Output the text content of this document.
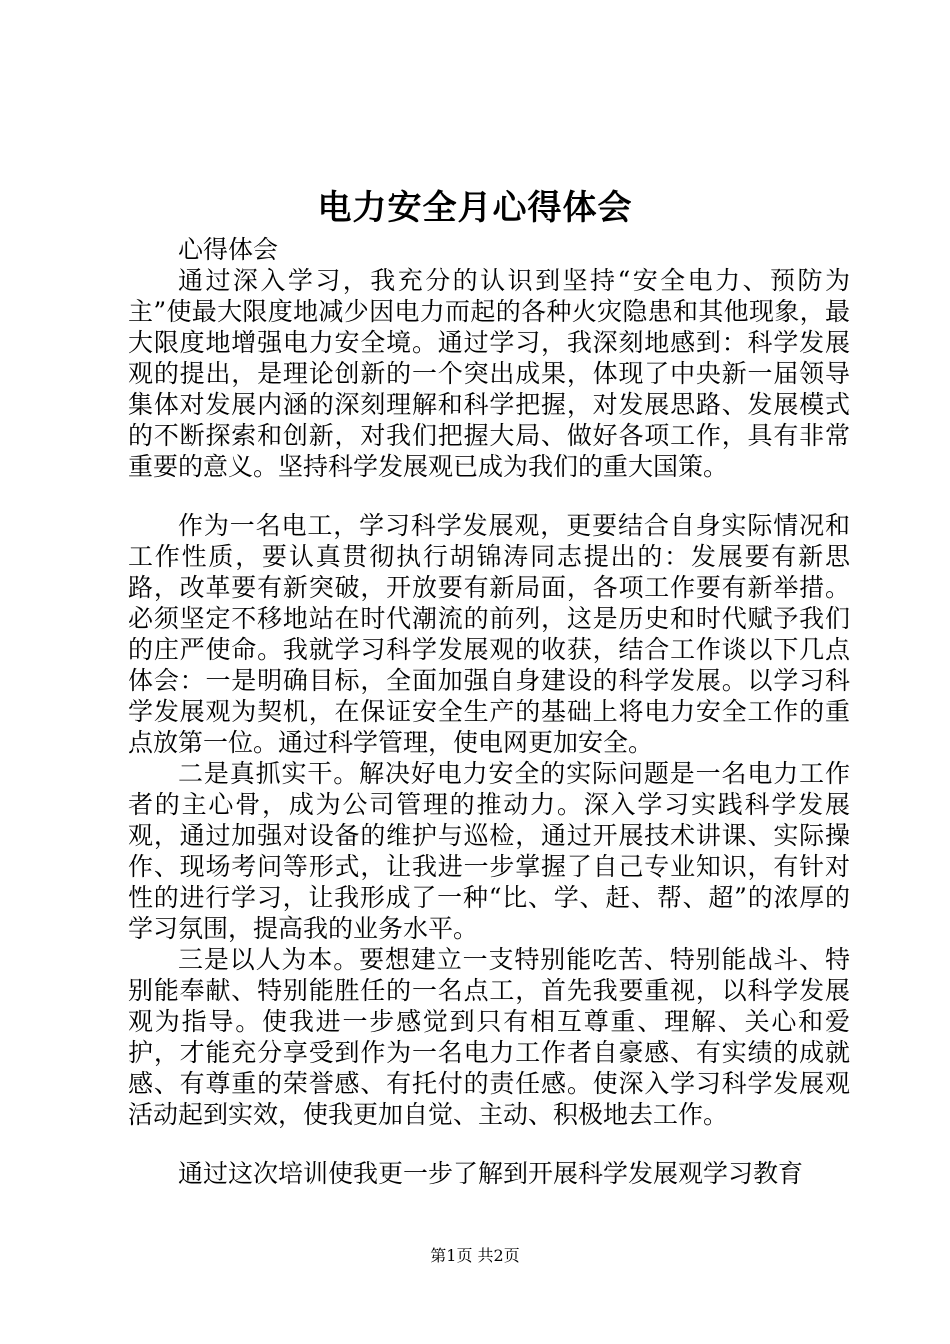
电力安全月心得体会

心得体会

通过深入学习，我充分的认识到坚持“安全电力、预防为主”使最大限度地减少因电力而起的各种火灾隐患和其他现象，最大限度地增强电力安全境。通过学习，我深刻地感到：科学发展观的提出，是理论创新的一个突出成果，体现了中央新一届领导集体对发展内涵的深刻理解和科学把握，对发展思路、发展模式的不断探索和创新，对我们把握大局、做好各项工作，具有非常重要的意义。坚持科学发展观已成为我们的重大国策。

作为一名电工，学习科学发展观，更要结合自身实际情况和工作性质，要认真贯彻执行胡锦涛同志提出的：发展要有新思路，改革要有新突破，开放要有新局面，各项工作要有新举措。必须坚定不移地站在时代潮流的前列，这是历史和时代赋予我们的庄严使命。我就学习科学发展观的收获，结合工作谈以下几点体会：一是明确目标，全面加强自身建设的科学发展。以学习科学发展观为契机，在保证安全生产的基础上将电力安全工作的重点放第一位。通过科学管理，使电网更加安全。

二是真抓实干。解决好电力安全的实际问题是一名电力工作者的主心骨，成为公司管理的推动力。深入学习实践科学发展观，通过加强对设备的维护与巡检，通过开展技术讲课、实际操作、现场考问等形式，让我进一步掌握了自己专业知识，有针对性的进行学习，让我形成了一种“比、学、赶、帮、超”的浓厚的学习氛围，提高我的业务水平。

三是以人为本。要想建立一支特别能吃苦、特别能战斗、特别能奉献、特别能胜任的一名点工，首先我要重视，以科学发展观为指导。使我进一步感觉到只有相互尊重、理解、关心和爱护，才能充分享受到作为一名电力工作者自豪感、有实绩的成就感、有尊重的荣誉感、有托付的责任感。使深入学习科学发展观活动起到实效，使我更加自觉、主动、积极地去工作。

通过这次培训使我更一步了解到开展科学发展观学习教育

第1页 共2页
